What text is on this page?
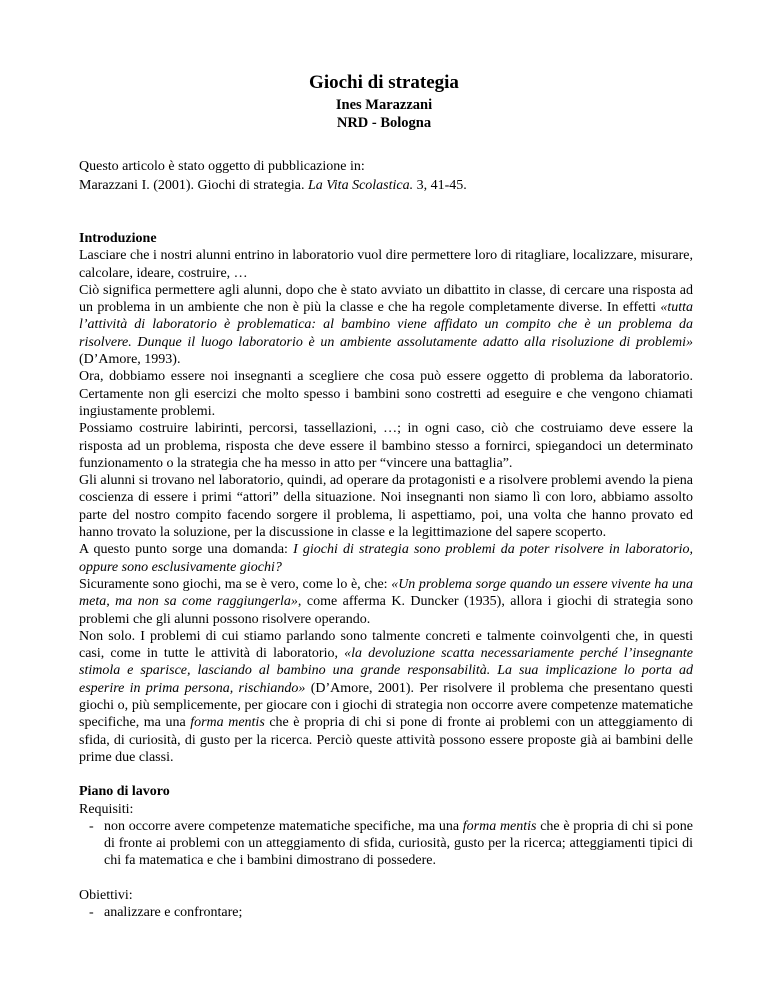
Giochi di strategia
Ines Marazzani
NRD - Bologna
Questo articolo è stato oggetto di pubblicazione in:
Marazzani I. (2001). Giochi di strategia. La Vita Scolastica. 3, 41-45.
Introduzione

Lasciare che i nostri alunni entrino in laboratorio vuol dire permettere loro di ritagliare, localizzare, misurare, calcolare, ideare, costruire, …

Ciò significa permettere agli alunni, dopo che è stato avviato un dibattito in classe, di cercare una risposta ad un problema in un ambiente che non è più la classe e che ha regole completamente diverse. In effetti «tutta l’attività di laboratorio è problematica: al bambino viene affidato un compito che è un problema da risolvere. Dunque il luogo laboratorio è un ambiente assolutamente adatto alla risoluzione di problemi» (D’Amore, 1993).

Ora, dobbiamo essere noi insegnanti a scegliere che cosa può essere oggetto di problema da laboratorio. Certamente non gli esercizi che molto spesso i bambini sono costretti ad eseguire e che vengono chiamati ingiustamente problemi.

Possiamo costruire labirinti, percorsi, tassellazioni, …; in ogni caso, ciò che costruiamo deve essere la risposta ad un problema, risposta che deve essere il bambino stesso a fornirci, spiegandoci un determinato funzionamento o la strategia che ha messo in atto per “vincere una battaglia”.

Gli alunni si trovano nel laboratorio, quindi, ad operare da protagonisti e a risolvere problemi avendo la piena coscienza di essere i primi “attori” della situazione. Noi insegnanti non siamo lì con loro, abbiamo assolto parte del nostro compito facendo sorgere il problema, li aspettiamo, poi, una volta che hanno provato ed hanno trovato la soluzione, per la discussione in classe e la legittimazione del sapere scoperto.

A questo punto sorge una domanda: I giochi di strategia sono problemi da poter risolvere in laboratorio, oppure sono esclusivamente giochi?

Sicuramente sono giochi, ma se è vero, come lo è, che: «Un problema sorge quando un essere vivente ha una meta, ma non sa come raggiungerla», come afferma K. Duncker (1935), allora i giochi di strategia sono problemi che gli alunni possono risolvere operando.

Non solo. I problemi di cui stiamo parlando sono talmente concreti e talmente coinvolgenti che, in questi casi, come in tutte le attività di laboratorio, «la devoluzione scatta necessariamente perché l’insegnante stimola e sparisce, lasciando al bambino una grande responsabilità. La sua implicazione lo porta ad esperire in prima persona, rischiando» (D’Amore, 2001). Per risolvere il problema che presentano questi giochi o, più semplicemente, per giocare con i giochi di strategia non occorre avere competenze matematiche specifiche, ma una forma mentis che è propria di chi si pone di fronte ai problemi con un atteggiamento di sfida, di curiosità, di gusto per la ricerca. Perciò queste attività possono essere proposte già ai bambini delle prime due classi.

Piano di lavoro

Requisiti:

- non occorre avere competenze matematiche specifiche, ma una forma mentis che è propria di chi si pone di fronte ai problemi con un atteggiamento di sfida, curiosità, gusto per la ricerca; atteggiamenti tipici di chi fa matematica e che i bambini dimostrano di possedere.

Obiettivi:

- analizzare e confrontare;
